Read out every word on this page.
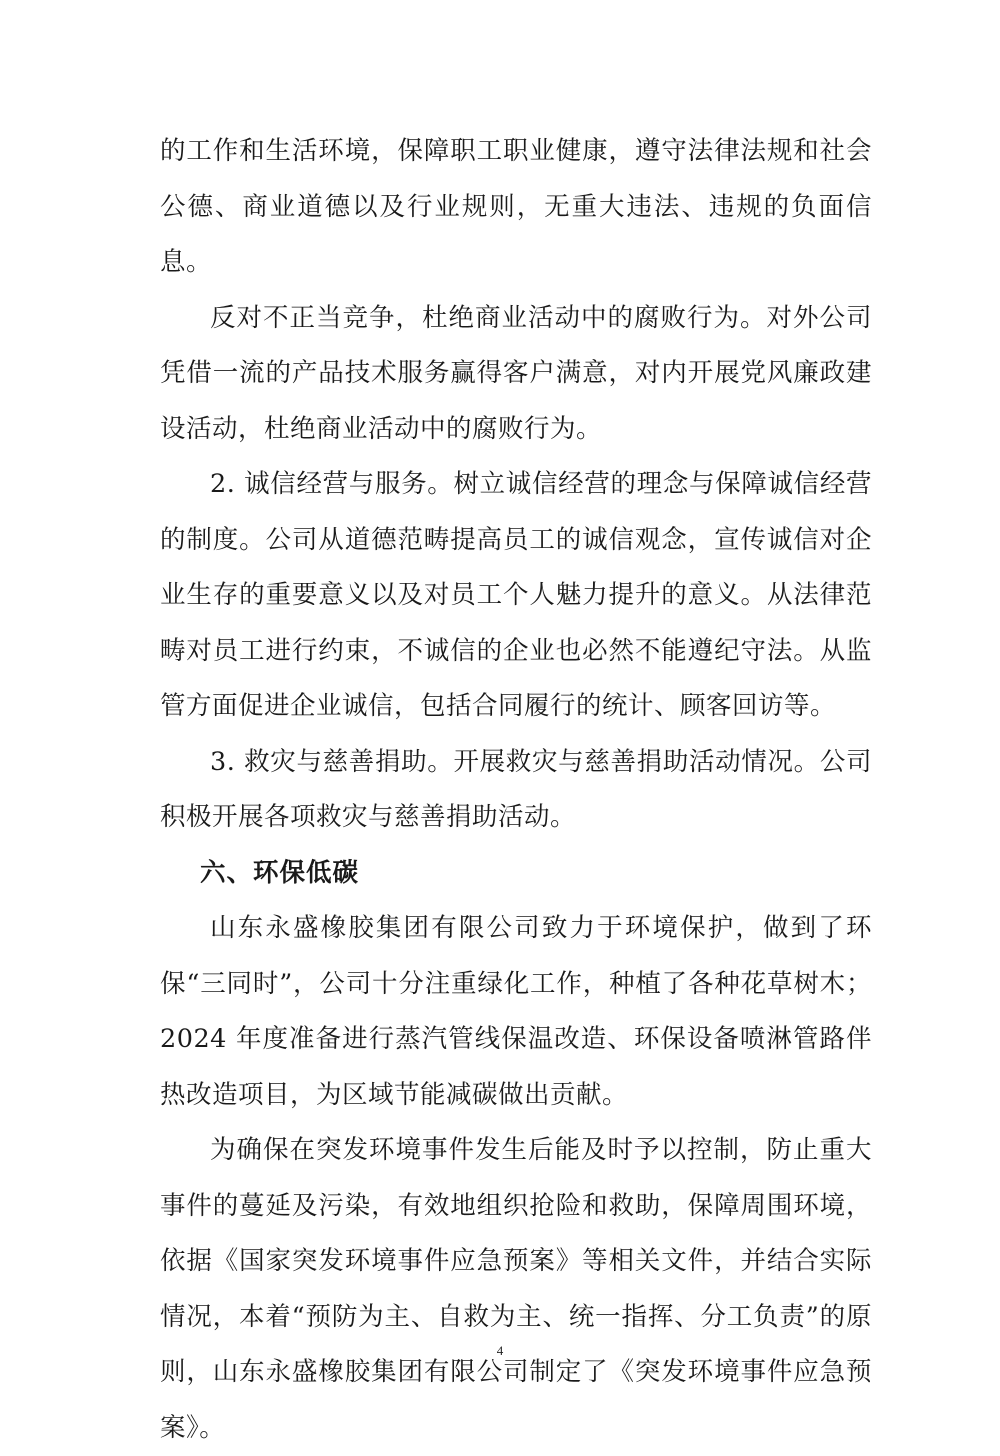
的工作和生活环境，保障职工职业健康，遵守法律法规和社会公德、商业道德以及行业规则，无重大违法、违规的负面信息。

反对不正当竞争，杜绝商业活动中的腐败行为。对外公司凭借一流的产品技术服务赢得客户满意，对内开展党风廉政建设活动，杜绝商业活动中的腐败行为。

2. 诚信经营与服务。树立诚信经营的理念与保障诚信经营的制度。公司从道德范畴提高员工的诚信观念，宣传诚信对企业生存的重要意义以及对员工个人魅力提升的意义。从法律范畴对员工进行约束，不诚信的企业也必然不能遵纪守法。从监管方面促进企业诚信，包括合同履行的统计、顾客回访等。

3. 救灾与慈善捐助。开展救灾与慈善捐助活动情况。公司积极开展各项救灾与慈善捐助活动。

六、环保低碳

山东永盛橡胶集团有限公司致力于环境保护，做到了环保“三同时”，公司十分注重绿化工作，种植了各种花草树木；2024 年度准备进行蒸汽管线保温改造、环保设备喷淋管路伴热改造项目，为区域节能减碳做出贡献。

为确保在突发环境事件发生后能及时予以控制，防止重大事件的蔓延及污染，有效地组织抢险和救助，保障周围环境，依据《国家突发环境事件应急预案》等相关文件，并结合实际情况，本着“预防为主、自救为主、统一指挥、分工负责”的原则，山东永盛橡胶集团有限公司制定了《突发环境事件应急预案》。

4
